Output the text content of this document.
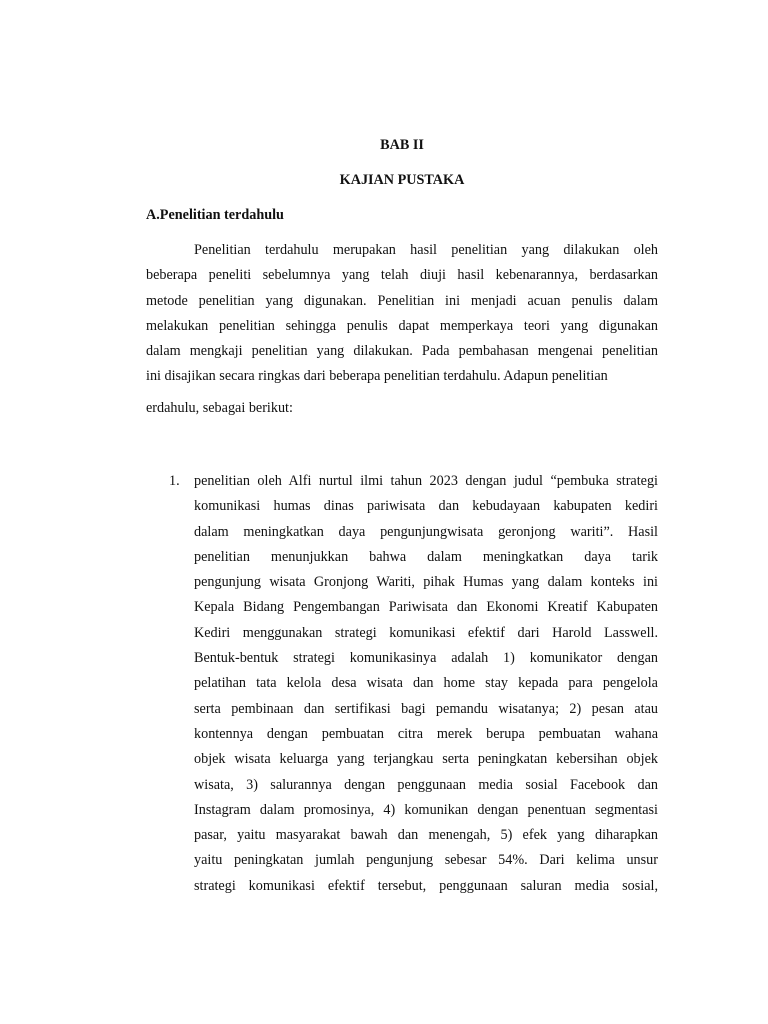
BAB II

KAJIAN PUSTAKA

A.Penelitian terdahulu

Penelitian terdahulu merupakan hasil penelitian yang dilakukan oleh
beberapa peneliti sebelumnya yang telah diuji hasil kebenarannya, berdasarkan
metode penelitian yang digunakan. Penelitian ini menjadi acuan penulis dalam
melakukan penelitian sehingga penulis dapat memperkaya teori yang digunakan
dalam mengkaji penelitian yang dilakukan. Pada pembahasan mengenai penelitian
ini disajikan secara ringkas dari beberapa penelitian terdahulu. Adapun penelitian

erdahulu, sebagai berikut:

1. penelitian oleh Alfi nurtul ilmi tahun 2023 dengan judul “pembuka strategi
komunikasi humas dinas pariwisata dan kebudayaan kabupaten kediri
dalam meningkatkan daya pengunjungwisata geronjong wariti”. Hasil
penelitian menunjukkan bahwa dalam meningkatkan daya tarik
pengunjung wisata Gronjong Wariti, pihak Humas yang dalam konteks ini
Kepala Bidang Pengembangan Pariwisata dan Ekonomi Kreatif Kabupaten
Kediri menggunakan strategi komunikasi efektif dari Harold Lasswell.
Bentuk-bentuk strategi komunikasinya adalah 1) komunikator dengan
pelatihan tata kelola desa wisata dan home stay kepada para pengelola
serta pembinaan dan sertifikasi bagi pemandu wisatanya; 2) pesan atau
kontennya dengan pembuatan citra merek berupa pembuatan wahana
objek wisata keluarga yang terjangkau serta peningkatan kebersihan objek
wisata, 3) salurannya dengan penggunaan media sosial Facebook dan
Instagram dalam promosinya, 4) komunikan dengan penentuan segmentasi
pasar, yaitu masyarakat bawah dan menengah, 5) efek yang diharapkan
yaitu peningkatan jumlah pengunjung sebesar 54%. Dari kelima unsur
strategi komunikasi efektif tersebut, penggunaan saluran media sosial,
